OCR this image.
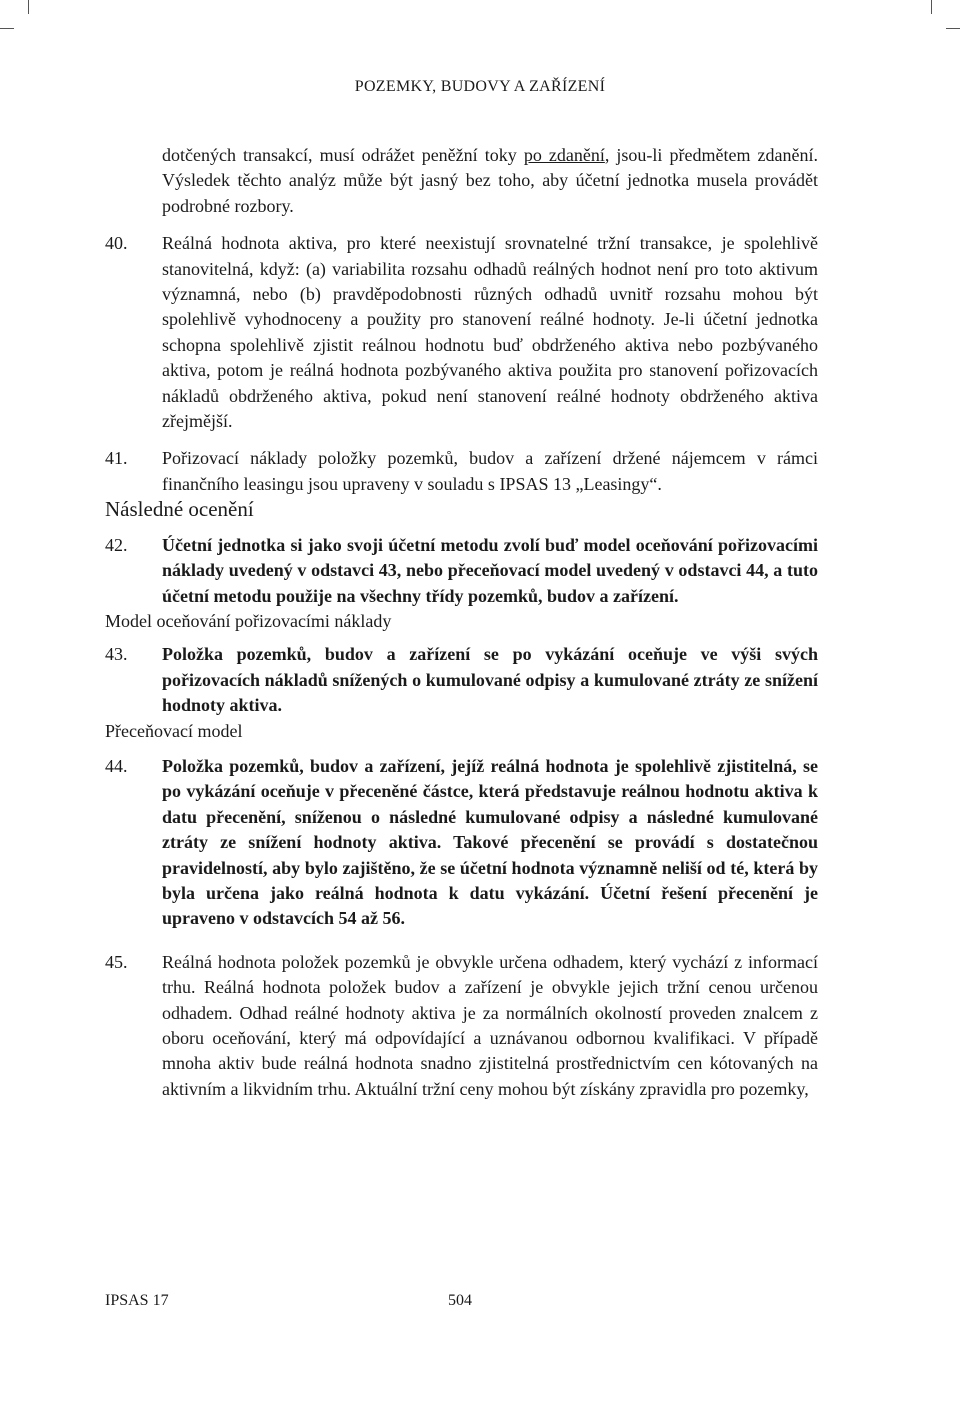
POZEMKY, BUDOVY A ZAŘÍZENÍ
dotčených transakcí, musí odrážet peněžní toky po zdanění, jsou-li předmětem zdanění. Výsledek těchto analýz může být jasný bez toho, aby účetní jednotka musela provádět podrobné rozbory.
40.	Reálná hodnota aktiva, pro které neexistují srovnatelné tržní transakce, je spolehlivě stanovitelná, když: (a) variabilita rozsahu odhadů reálných hodnot není pro toto aktivum významná, nebo (b) pravděpodobnosti různých odhadů uvnitř rozsahu mohou být spolehlivě vyhodnoceny a použity pro stanovení reálné hodnoty. Je-li účetní jednotka schopna spolehlivě zjistit reálnou hodnotu buď obdrženého aktiva nebo pozbývaného aktiva, potom je reálná hodnota pozbývaného aktiva použita pro stanovení pořizovacích nákladů obdrženého aktiva, pokud není stanovení reálné hodnoty obdrženého aktiva zřejmější.
41.	Pořizovací náklady položky pozemků, budov a zařízení držené nájemcem v rámci finančního leasingu jsou upraveny v souladu s IPSAS 13 „Leasingy“.
Následné ocenění
42.	Účetní jednotka si jako svoji účetní metodu zvolí buď model oceňování pořizovacími náklady uvedený v odstavci 43, nebo přeceňovací model uvedený v odstavci 44, a tuto účetní metodu použije na všechny třídy pozemků, budov a zařízení.
Model oceňování pořizovacími náklady
43.	Položka pozemků, budov a zařízení se po vykázání oceňuje ve výši svých pořizovacích nákladů snížených o kumulované odpisy a kumulované ztráty ze snížení hodnoty aktiva.
Přeceňovací model
44.	Položka pozemků, budov a zařízení, jejíž reálná hodnota je spolehlivě zjistitelná, se po vykázání oceňuje v přeceněné částce, která představuje reálnou hodnotu aktiva k datu přecenění, sníženou o následné kumulované odpisy a následné kumulované ztráty ze snížení hodnoty aktiva. Takové přecenění se provádí s dostatečnou pravidelností, aby bylo zajištěno, že se účetní hodnota významně neliší od té, která by byla určena jako reálná hodnota k datu vykázání. Účetní řešení přecenění je upraveno v odstavcích 54 až 56.
45.	Reálná hodnota položek pozemků je obvykle určena odhadem, který vychází z informací trhu. Reálná hodnota položek budov a zařízení je obvykle jejich tržní cenou určenou odhadem. Odhad reálné hodnoty aktiva je za normálních okolností proveden znalcem z oboru oceňování, který má odpovídající a uznávanou odbornou kvalifikaci. V případě mnoha aktiv bude reálná hodnota snadno zjistitelná prostřednictvím cen kótovaných na aktivním a likvidním trhu. Aktuální tržní ceny mohou být získány zpravidla pro pozemky,
IPSAS 17	504
